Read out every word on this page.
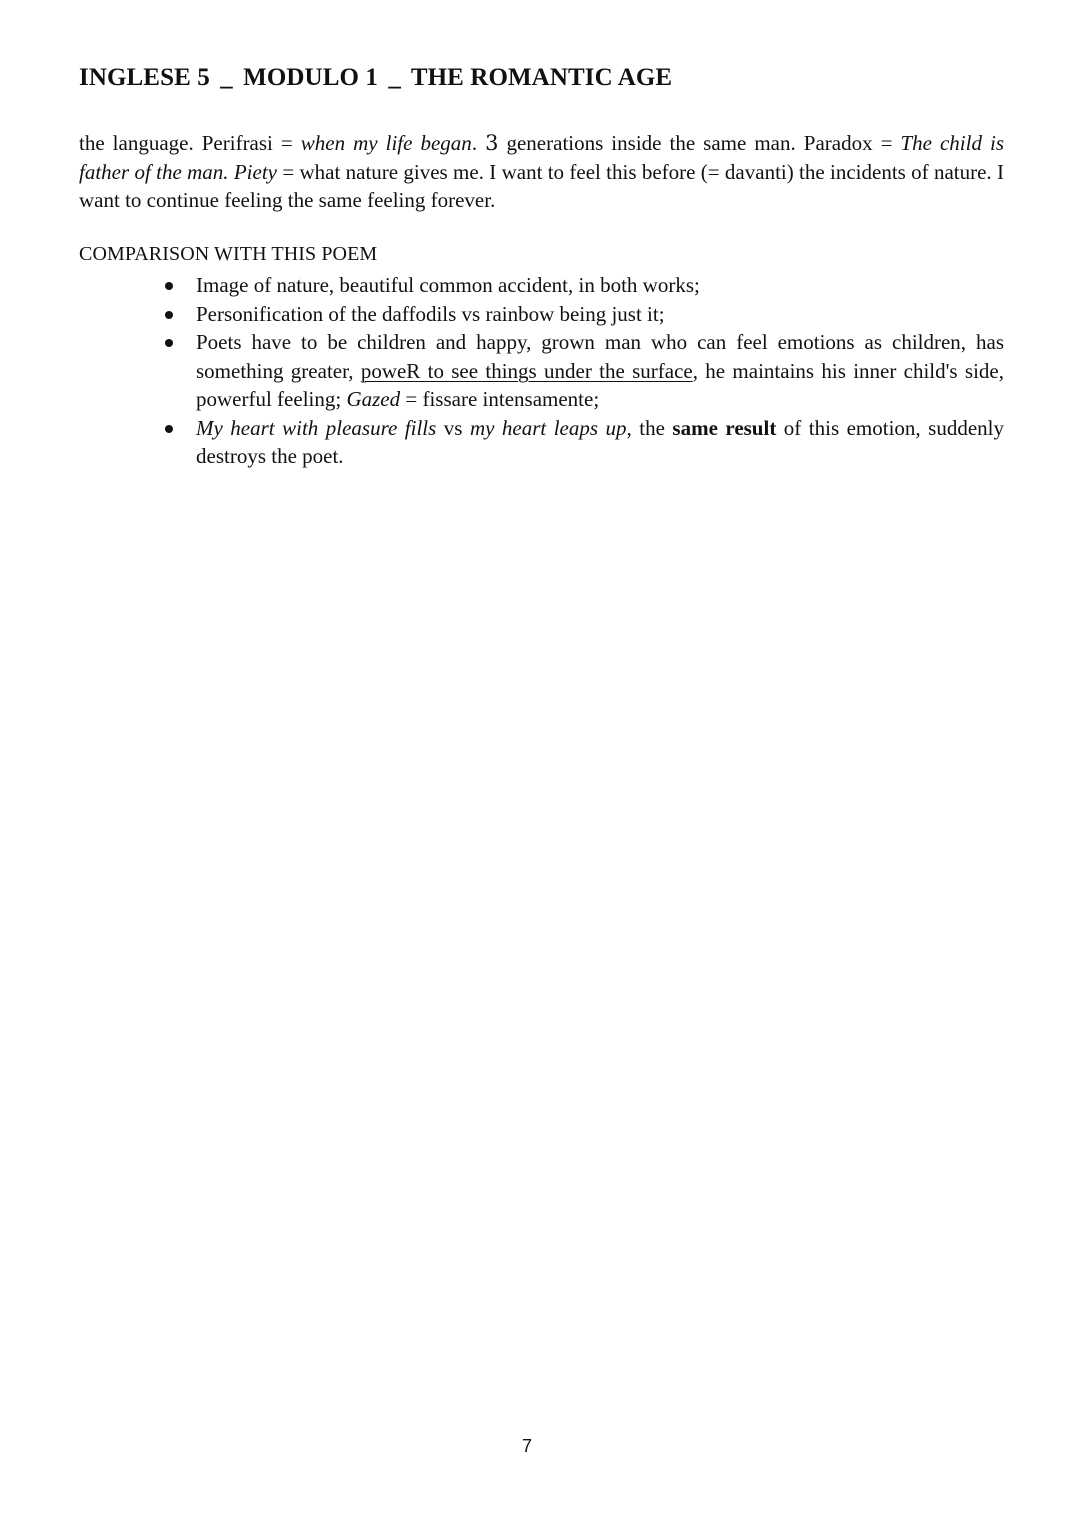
INGLESE 5 _ MODULO 1 _ THE ROMANTIC AGE

the language. Perifrasi = when my life began. 3 generations inside the same man. Paradox = The child is father of the man. Piety = what nature gives me. I want to feel this before (= davanti) the incidents of nature. I want to continue feeling the same feeling forever.

COMPARISON WITH THIS POEM
Image of nature, beautiful common accident, in both works;
Personification of the daffodils vs rainbow being just it;
Poets have to be children and happy, grown man who can feel emotions as children, has something greater, poweR to see things under the surface, he maintains his inner child's side, powerful feeling; Gazed = fissare intensamente;
My heart with pleasure fills vs my heart leaps up, the same result of this emotion, suddenly destroys the poet.
7
